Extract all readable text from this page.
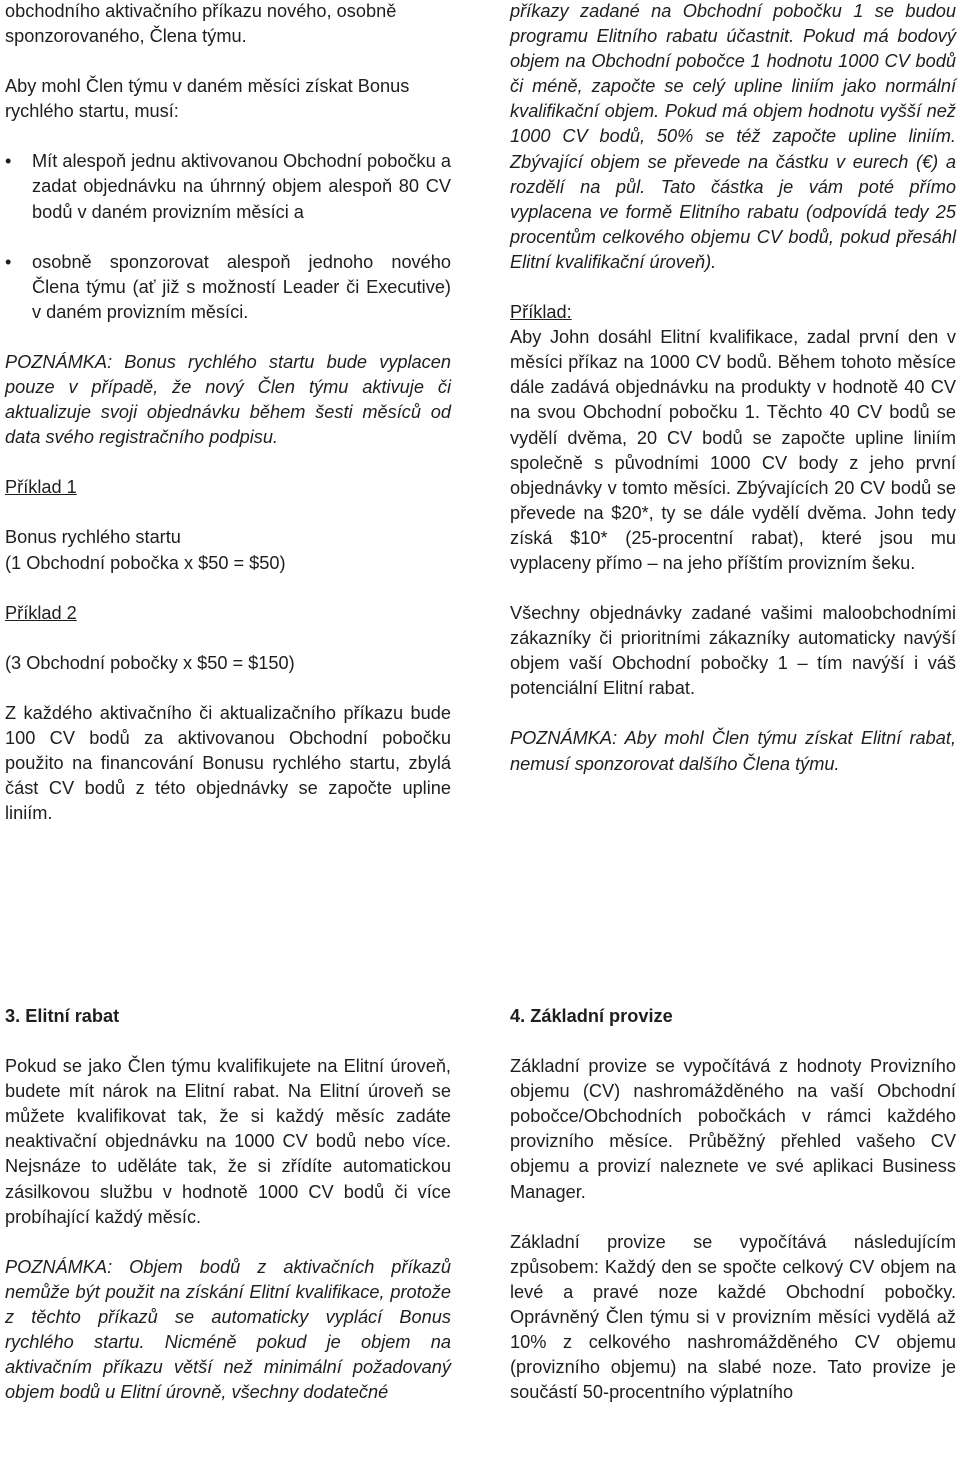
obchodního aktivačního příkazu nového, osobně sponzorovaného, Člena týmu.

Aby mohl Člen týmu v daném měsíci získat Bonus rychlého startu, musí:

• Mít alespoň jednu aktivovanou Obchodní pobočku a zadat objednávku na úhrnný objem alespoň 80 CV bodů v daném provizním měsíci a
• osobně sponzorovat alespoň jednoho nového Člena týmu (ať již s možností Leader či Executive) v daném provizním měsíci.

POZNÁMKA: Bonus rychlého startu bude vyplacen pouze v případě, že nový Člen týmu aktivuje či aktualizuje svoji objednávku během šesti měsíců od data svého registračního podpisu.

Příklad 1

Bonus rychlého startu

(1 Obchodní pobočka x $50 = $50)

Příklad 2

(3 Obchodní pobočky x $50 = $150)

Z každého aktivačního či aktualizačního příkazu bude 100 CV bodů za aktivovanou Obchodní pobočku použito na financování Bonusu rychlého startu, zbylá část CV bodů z této objednávky se započte upline liniím.

příkazy zadané na Obchodní pobočku 1 se budou programu Elitního rabatu účastnit. Pokud má bodový objem na Obchodní pobočce 1 hodnotu 1000 CV bodů či méně, započte se celý upline liniím jako normální kvalifikační objem. Pokud má objem hodnotu vyšší než 1000 CV bodů, 50% se též započte upline liniím. Zbývající objem se převede na částku v eurech (€) a rozdělí na půl. Tato částka je vám poté přímo vyplacena ve formě Elitního rabatu (odpovídá tedy 25 procentům celkového objemu CV bodů, pokud přesáhl Elitní kvalifikační úroveň).

Příklad:

Aby John dosáhl Elitní kvalifikace, zadal první den v měsíci příkaz na 1000 CV bodů. Během tohoto měsíce dále zadává objednávku na produkty v hodnotě 40 CV na svou Obchodní pobočku 1. Těchto 40 CV bodů se vydělí dvěma, 20 CV bodů se započte upline liniím společně s původními 1000 CV body z jeho první objednávky v tomto měsíci. Zbývajících 20 CV bodů se převede na $20*, ty se dále vydělí dvěma. John tedy získá $10* (25-procentní rabat), které jsou mu vyplaceny přímo – na jeho příštím provizním šeku.

Všechny objednávky zadané vašimi maloobchodními zákazníky či prioritními zákazníky automaticky navýší objem vaší Obchodní pobočky 1 – tím navýší i váš potenciální Elitní rabat.

POZNÁMKA: Aby mohl Člen týmu získat Elitní rabat, nemusí sponzorovat dalšího Člena týmu.

3. Elitní rabat

Pokud se jako Člen týmu kvalifikujete na Elitní úroveň, budete mít nárok na Elitní rabat. Na Elitní úroveň se můžete kvalifikovat tak, že si každý měsíc zadáte neaktivační objednávku na 1000 CV bodů nebo více. Nejsnáze to uděláte tak, že si zřídíte automatickou zásilkovou službu v hodnotě 1000 CV bodů či více probíhající každý měsíc.

POZNÁMKA: Objem bodů z aktivačních příkazů nemůže být použit na získání Elitní kvalifikace, protože z těchto příkazů se automaticky vyplácí Bonus rychlého startu. Nicméně pokud je objem na aktivačním příkazu větší než minimální požadovaný objem bodů u Elitní úrovně, všechny dodatečné

4. Základní provize

Základní provize se vypočítává z hodnoty Provizního objemu (CV) nashromážděného na vaší Obchodní pobočce/Obchodních pobočkách v rámci každého provizního měsíce. Průběžný přehled vašeho CV objemu a provizí naleznete ve své aplikaci Business Manager.

Základní provize se vypočítává následujícím způsobem: Každý den se spočte celkový CV objem na levé a pravé noze každé Obchodní pobočky. Oprávněný Člen týmu si v provizním měsíci vydělá až 10% z celkového nashromážděného CV objemu (provizního objemu) na slabé noze. Tato provize je součástí 50-procentního výplatního
